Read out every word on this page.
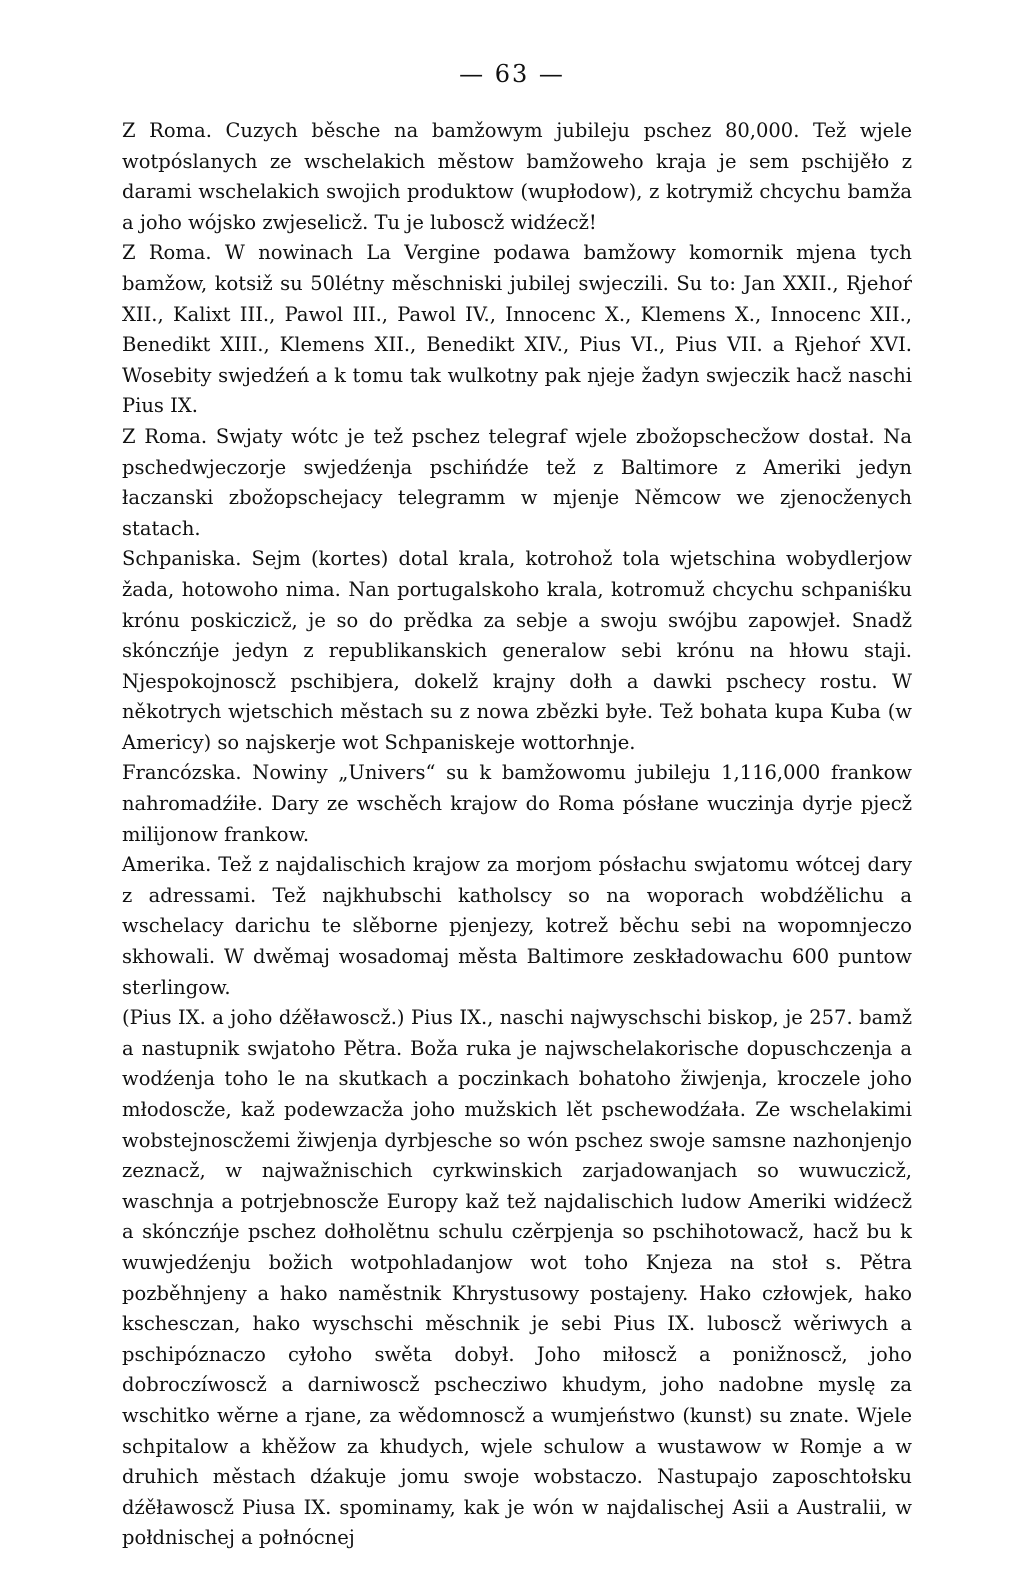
— 63 —

Z Roma. Cuzych běsche na bamžowym jubileju pschez 80,000. Tež wjele wotpóslanych ze wschelakich městow bamžoweho kraja je sem pschijěło z darami wschelakich swojich produktow (wupłodow), z kotrymiž chcychu bamža a joho wójsko zwjeselicž. Tu je luboscž widźecž!

Z Roma. W nowinach La Vergine podawa bamžowy komornik mjena tych bamžow, kotsiž su 50létny měschniski jubilej swjeczili. Su to: Jan XXII., Rjehoŕ XII., Kalixt III., Pawol III., Pawol IV., Innocenc X., Klemens X., Innocenc XII., Benedikt XIII., Klemens XII., Benedikt XIV., Pius VI., Pius VII. a Rjehoŕ XVI. Wosebity swjedźeń a k tomu tak wulkotny pak njeje žadyn swjeczik hacž naschi Pius IX.

Z Roma. Swjaty wótc je tež pschez telegraf wjele zbožopschecžow dostał. Na pschedwjeczorje swjedźenja pschińdźe tež z Baltimore z Ameriki jedyn łaczanski zbožopschejacy telegramm w mjenje Němcow we zjenocženych statach.

Schpaniska. Sejm (kortes) dotal krala, kotrohož tola wjetschina wobydlerjow žada, hotowoho nima. Nan portugalskoho krala, kotromuž chcychu schpaniśku krónu poskiczicž, je so do prědka za sebje a swoju swójbu zapowjeł. Snadž skónczńje jedyn z republikanskich generalow sebi krónu na hłowu staji. Njespokojnoscž pschibjera, dokelž krajny dołh a dawki pschecy rostu. W někotrych wjetschich městach su z nowa zbězki byłe. Tež bohata kupa Kuba (w Americy) so najskerje wot Schpaniskeje wottorhnje.

Francózska. Nowiny „Univers“ su k bamžowomu jubileju 1,116,000 frankow nahromadźiłe. Dary ze wschěch krajow do Roma pósłane wuczinja dyrje pjecž milijonow frankow.

Amerika. Tež z najdalischich krajow za morjom pósłachu swjatomu wótcej dary z adressami. Tež najkhubschi katholscy so na woporach wobdźělichu a wschelacy darichu te slěborne pjenjezy, kotrež běchu sebi na wopomnjeczo skhowali. W dwěmaj wosadomaj města Baltimore zeskładowachu 600 puntow sterlingow.

(Pius IX. a joho dźěławoscž.) Pius IX., naschi najwyschschi biskop, je 257. bamž a nastupnik swjatoho Pětra. Boža ruka je najwschelakorische dopuschczenja a wodźenja toho le na skutkach a poczinkach bohatoho žiwjenja, kroczele joho młodoscže, kaž podewzacža joho mužskich lět pschewodźała. Ze wschelakimi wobstejnoscžemi žiwjenja dyrbjesche so wón pschez swoje samsne nazhonjenjo zeznacž, w najwažnischich cyrkwinskich zarjadowanjach so wuwuczicž, waschnja a potrjebnoscže Europy kaž tež najdalischich ludow Ameriki widźecž a skónczńje pschez dołholětnu schulu czěrpjenja so pschihotowacž, hacž bu k wuwjedźenju božich wotpohladanjow wot toho Knjeza na stoł s. Pětra pozběhnjeny a hako naměstnik Khrystusowy postajeny. Hako człowjek, hako kschesczan, hako wyschschi měschnik je sebi Pius IX. luboscž wěriwych a pschipóznaczo cyłoho swěta dobył. Joho miłoscž a ponižnoscž, joho dobroczíwoscž a darniwoscž pschecziwo khudym, joho nadobne myslę za wschitko wěrne a rjane, za wědomnoscž a wumjeństwo (kunst) su znate. Wjele schpitalow a khěžow za khudych, wjele schulow a wustawow w Romje a w druhich městach dźakuje jomu swoje wobstaczo. Nastupajo zaposchtołsku dźěławoscž Piusa IX. spominamy, kak je wón w najdalischej Asii a Australii, w połdnischej a połnócnej
